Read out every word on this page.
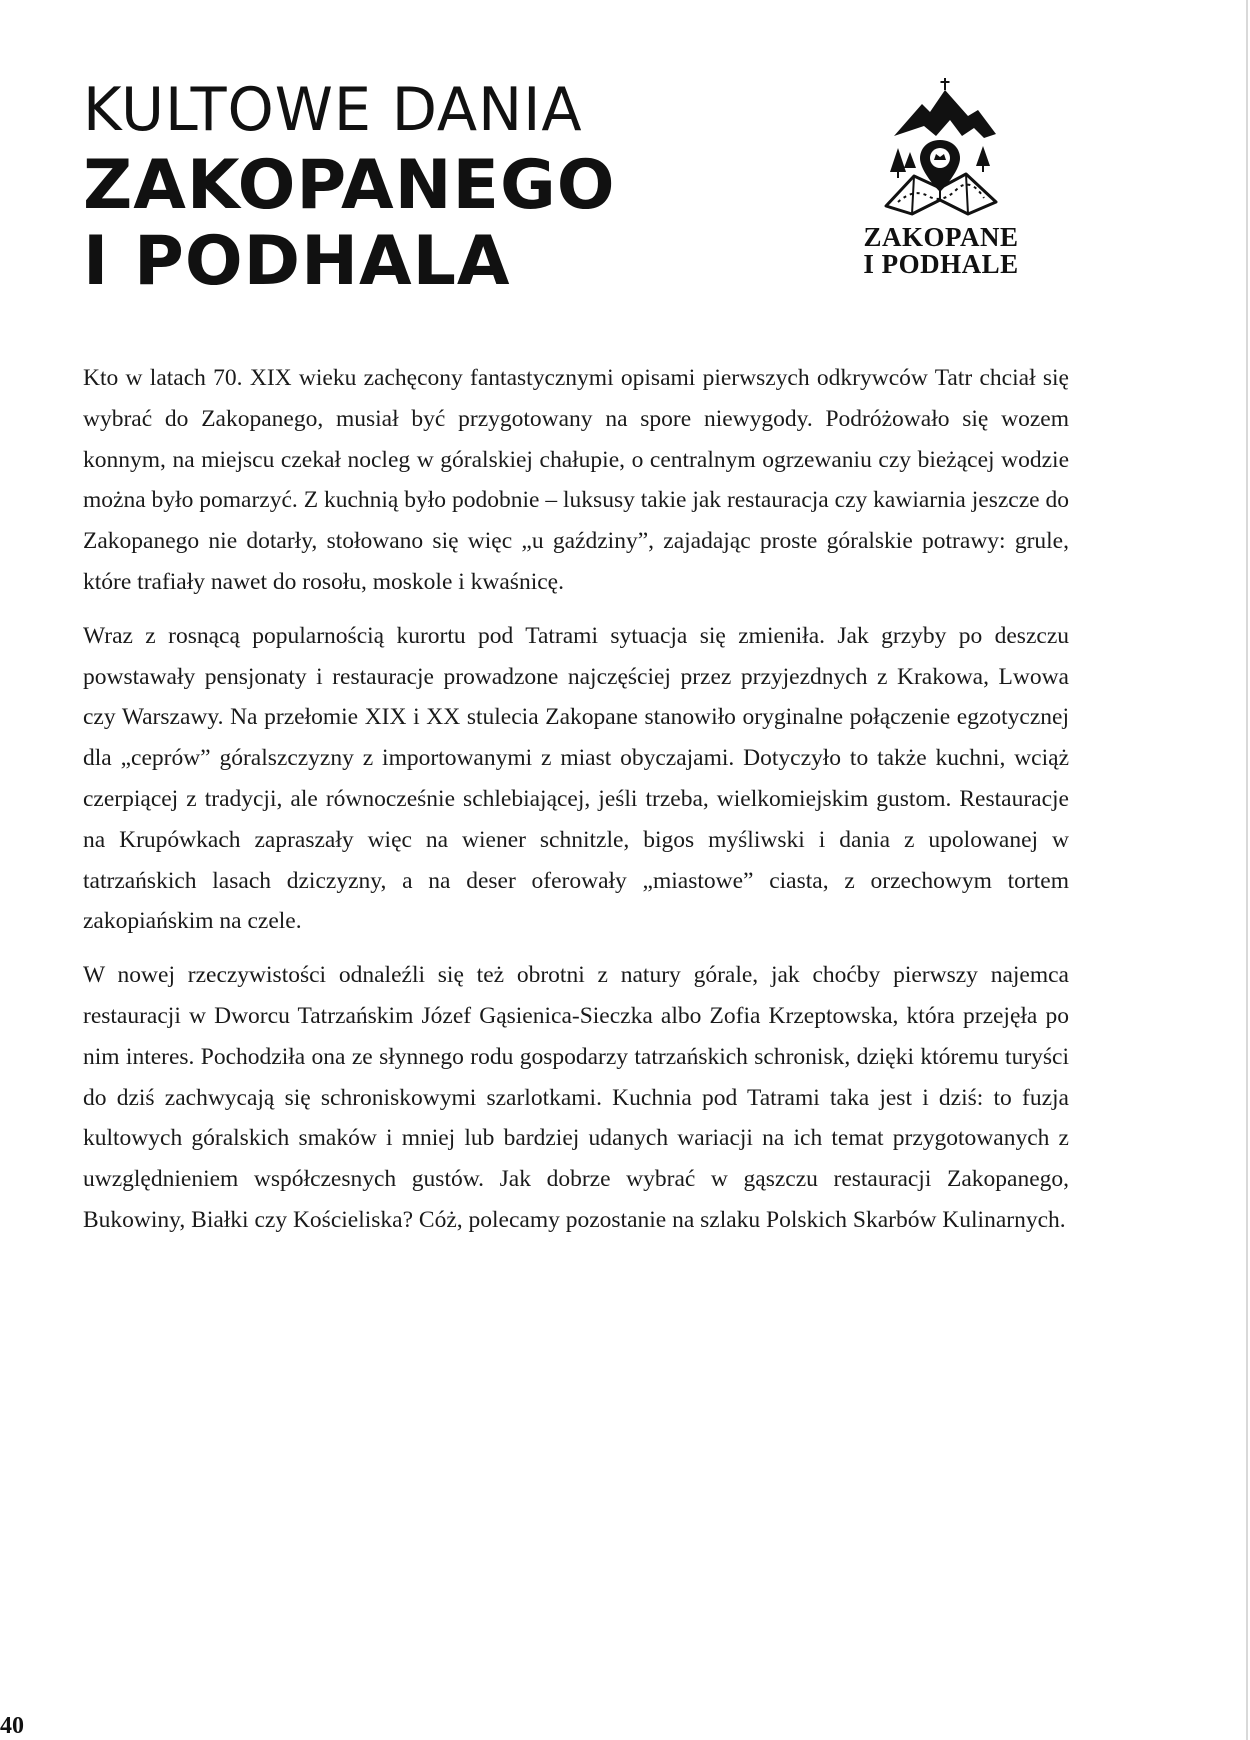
KULTOWE DANIA
ZAKOPANEGO
I PODHALA	ZAKOPANE
I PODHALE

Kto w latach 70. XIX wieku zachęcony fantastycznymi opisami pierwszych odkrywców Tatr chciał się wybrać do Zakopanego, musiał być przygotowany na spore niewygody. Podróżowało się wozem konnym, na miejscu czekał nocleg w góralskiej chałupie, o centralnym ogrzewaniu czy bieżącej wodzie można było pomarzyć. Z kuchnią było podobnie – luksusy takie jak restauracja czy kawiarnia jeszcze do Zakopanego nie dotarły, stołowano się więc „u gaździny”, zajadając proste góralskie potrawy: grule, które trafiały nawet do rosołu, moskole i kwaśnicę.

Wraz z rosnącą popularnością kurortu pod Tatrami sytuacja się zmieniła. Jak grzyby po deszczu powstawały pensjonaty i restauracje prowadzone najczęściej przez przyjezdnych z Krakowa, Lwowa czy Warszawy. Na przełomie XIX i XX stulecia Zakopane stanowiło oryginalne połączenie egzotycznej dla „ceprów” góralszczyzny z importowanymi z miast obyczajami. Dotyczyło to także kuchni, wciąż czerpiącej z tradycji, ale równocześnie schlebiającej, jeśli trzeba, wielkomiejskim gustom. Restauracje na Krupówkach zapraszały więc na wiener schnitzle, bigos myśliwski i dania z upolowanej w tatrzańskich lasach dziczyzny, a na deser oferowały „miastowe” ciasta, z orzechowym tortem zakopiańskim na czele.

W nowej rzeczywistości odnaleźli się też obrotni z natury górale, jak choćby pierwszy najemca restauracji w Dworcu Tatrzańskim Józef Gąsienica-Sieczka albo Zofia Krzeptowska, która przejęła po nim interes. Pochodziła ona ze słynnego rodu gospodarzy tatrzańskich schronisk, dzięki któremu turyści do dziś zachwycają się schroniskowymi szarlotkami. Kuchnia pod Tatrami taka jest i dziś: to fuzja kultowych góralskich smaków i mniej lub bardziej udanych wariacji na ich temat przygotowanych z uwzględnieniem współczesnych gustów. Jak dobrze wybrać w gąszczu restauracji Zakopanego, Bukowiny, Białki czy Kościeliska? Cóż, polecamy pozostanie na szlaku Polskich Skarbów Kulinarnych.

40
